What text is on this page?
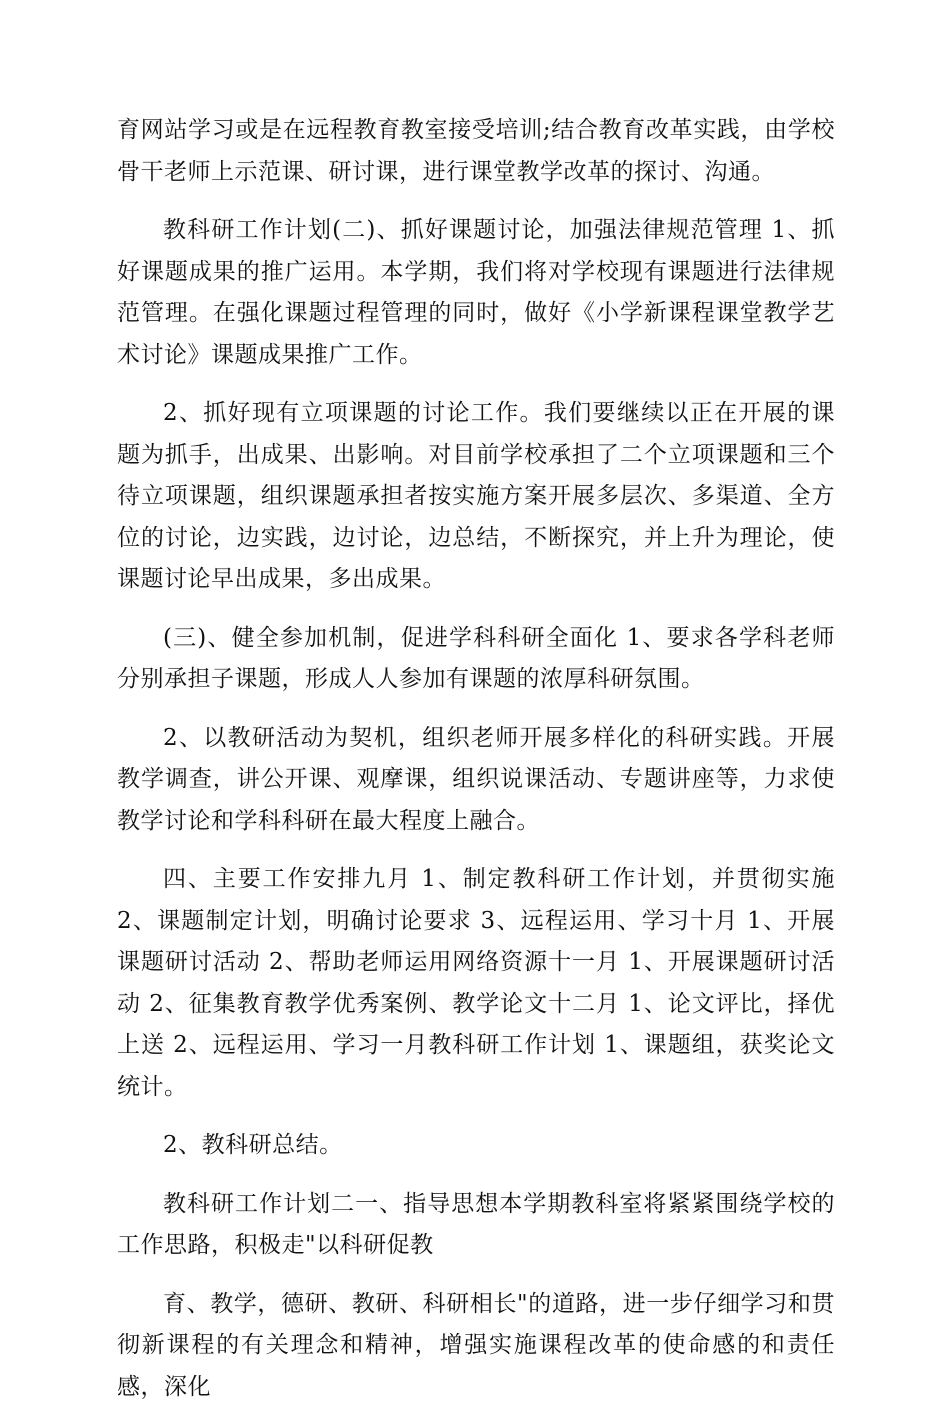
育网站学习或是在远程教育教室接受培训;结合教育改革实践，由学校骨干老师上示范课、研讨课，进行课堂教学改革的探讨、沟通。

教科研工作计划(二)、抓好课题讨论，加强法律规范管理 1、抓好课题成果的推广运用。本学期，我们将对学校现有课题进行法律规范管理。在强化课题过程管理的同时，做好《小学新课程课堂教学艺术讨论》课题成果推广工作。

2、抓好现有立项课题的讨论工作。我们要继续以正在开展的课题为抓手，出成果、出影响。对目前学校承担了二个立项课题和三个待立项课题，组织课题承担者按实施方案开展多层次、多渠道、全方位的讨论，边实践，边讨论，边总结，不断探究，并上升为理论，使课题讨论早出成果，多出成果。

(三)、健全参加机制，促进学科科研全面化 1、要求各学科老师分别承担子课题，形成人人参加有课题的浓厚科研氛围。

2、以教研活动为契机，组织老师开展多样化的科研实践。开展教学调查，讲公开课、观摩课，组织说课活动、专题讲座等，力求使教学讨论和学科科研在最大程度上融合。

四、主要工作安排九月 1、制定教科研工作计划，并贯彻实施 2、课题制定计划，明确讨论要求 3、远程运用、学习十月 1、开展课题研讨活动 2、帮助老师运用网络资源十一月 1、开展课题研讨活动 2、征集教育教学优秀案例、教学论文十二月 1、论文评比，择优上送 2、远程运用、学习一月教科研工作计划 1、课题组，获奖论文统计。

2、教科研总结。

教科研工作计划二一、指导思想本学期教科室将紧紧围绕学校的工作思路，积极走"以科研促教

育、教学，德研、教研、科研相长"的道路，进一步仔细学习和贯彻新课程的有关理念和精神，增强实施课程改革的使命感的和责任感，深化
